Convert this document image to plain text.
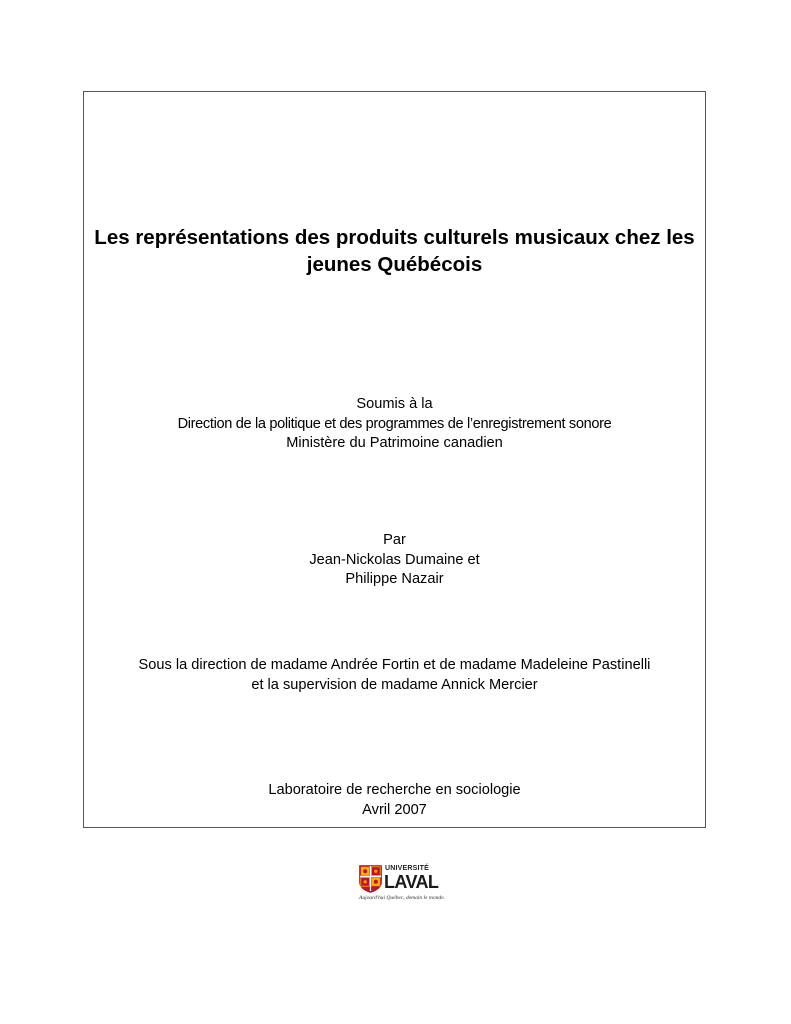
Les représentations des produits culturels musicaux chez les
jeunes Québécois
Soumis à la
Direction de la politique et des programmes de l’enregistrement sonore
Ministère du Patrimoine canadien
Par
Jean-Nickolas Dumaine et
Philippe Nazair
Sous la direction de madame Andrée Fortin et de madame Madeleine Pastinelli
et la supervision de madame Annick Mercier
Laboratoire de recherche en sociologie
Avril 2007
UNIVERSITÉ
LAVAL
Aujourd'hui Québec, demain le monde.
